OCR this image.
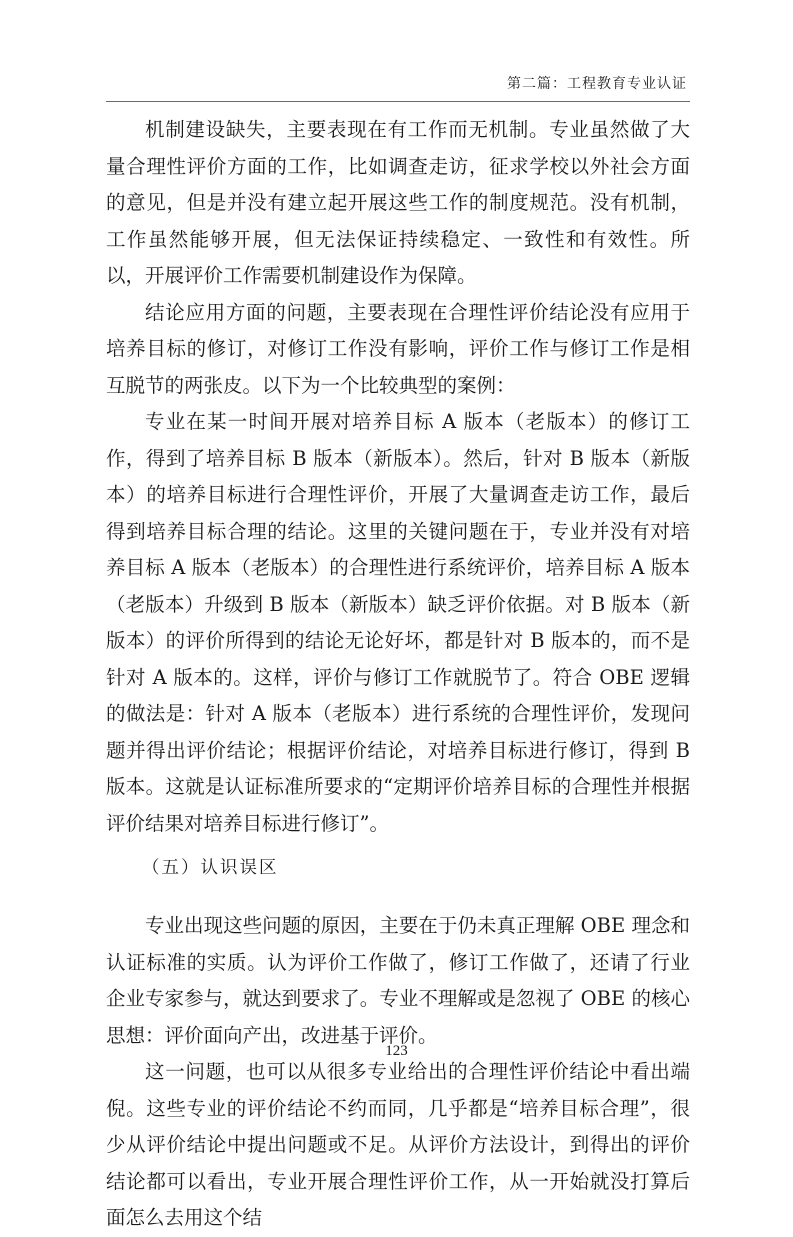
第二篇：工程教育专业认证

机制建设缺失，主要表现在有工作而无机制。专业虽然做了大量合理性评价方面的工作，比如调查走访，征求学校以外社会方面的意见，但是并没有建立起开展这些工作的制度规范。没有机制，工作虽然能够开展，但无法保证持续稳定、一致性和有效性。所以，开展评价工作需要机制建设作为保障。

结论应用方面的问题，主要表现在合理性评价结论没有应用于培养目标的修订，对修订工作没有影响，评价工作与修订工作是相互脱节的两张皮。以下为一个比较典型的案例：

专业在某一时间开展对培养目标 A 版本（老版本）的修订工作，得到了培养目标 B 版本（新版本）。然后，针对 B 版本（新版本）的培养目标进行合理性评价，开展了大量调查走访工作，最后得到培养目标合理的结论。这里的关键问题在于，专业并没有对培养目标 A 版本（老版本）的合理性进行系统评价，培养目标 A 版本（老版本）升级到 B 版本（新版本）缺乏评价依据。对 B 版本（新版本）的评价所得到的结论无论好坏，都是针对 B 版本的，而不是针对 A 版本的。这样，评价与修订工作就脱节了。符合 OBE 逻辑的做法是：针对 A 版本（老版本）进行系统的合理性评价，发现问题并得出评价结论；根据评价结论，对培养目标进行修订，得到 B 版本。这就是认证标准所要求的“定期评价培养目标的合理性并根据评价结果对培养目标进行修订”。

（五）认识误区

专业出现这些问题的原因，主要在于仍未真正理解 OBE 理念和认证标准的实质。认为评价工作做了，修订工作做了，还请了行业企业专家参与，就达到要求了。专业不理解或是忽视了 OBE 的核心思想：评价面向产出，改进基于评价。

这一问题，也可以从很多专业给出的合理性评价结论中看出端倪。这些专业的评价结论不约而同，几乎都是“培养目标合理”，很少从评价结论中提出问题或不足。从评价方法设计，到得出的评价结论都可以看出，专业开展合理性评价工作，从一开始就没打算后面怎么去用这个结

123
